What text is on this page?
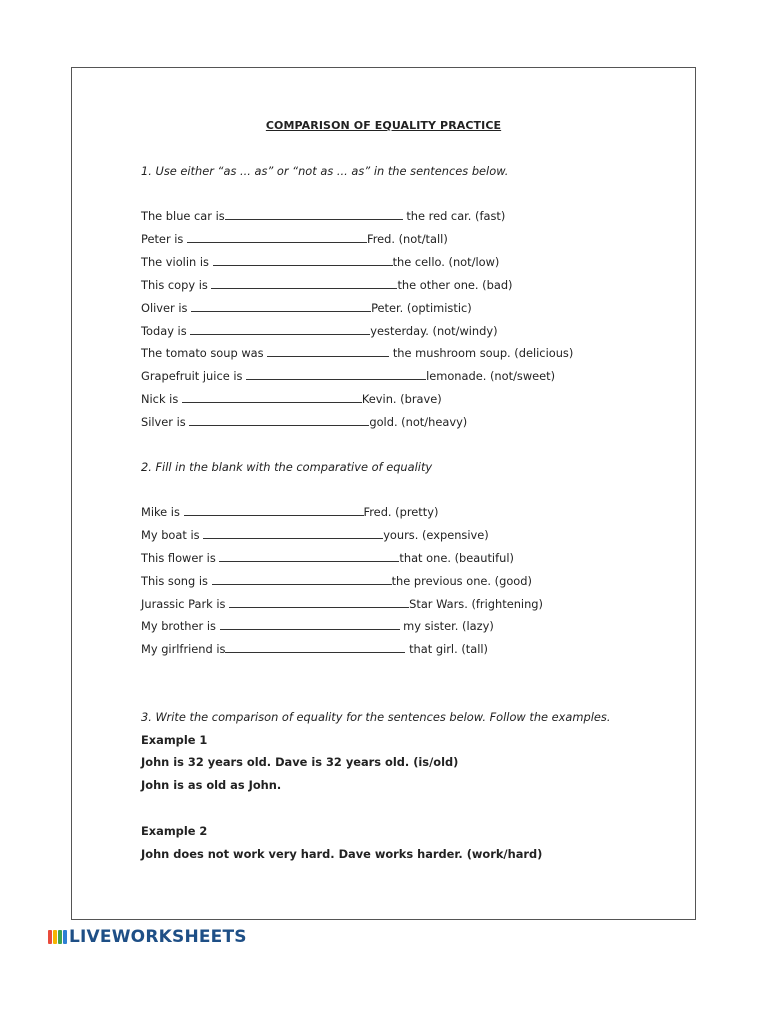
COMPARISON OF EQUALITY PRACTICE
1. Use either “as ... as” or “not as ... as” in the sentences below.
The blue car is	the red car. (fast)
Peter is	Fred. (not/tall)
The violin is	the cello. (not/low)
This copy is	the other one. (bad)
Oliver is	Peter. (optimistic)
Today is	yesterday. (not/windy)
The tomato soup was	the mushroom soup. (delicious)
Grapefruit juice is	lemonade. (not/sweet)
Nick is	Kevin. (brave)
Silver is	gold. (not/heavy)
2. Fill in the blank with the comparative of equality
Mike is	Fred. (pretty)
My boat is	yours. (expensive)
This flower is	that one. (beautiful)
This song is	the previous one. (good)
Jurassic Park is	Star Wars. (frightening)
My brother is	my sister. (lazy)
My girlfriend is	that girl. (tall)
3. Write the comparison of equality for the sentences below. Follow the examples.
Example 1
John is 32 years old. Dave is 32 years old. (is/old)
John is as old as John.
Example 2
John does not work very hard. Dave works harder. (work/hard)
LIVEWORKSHEETS
